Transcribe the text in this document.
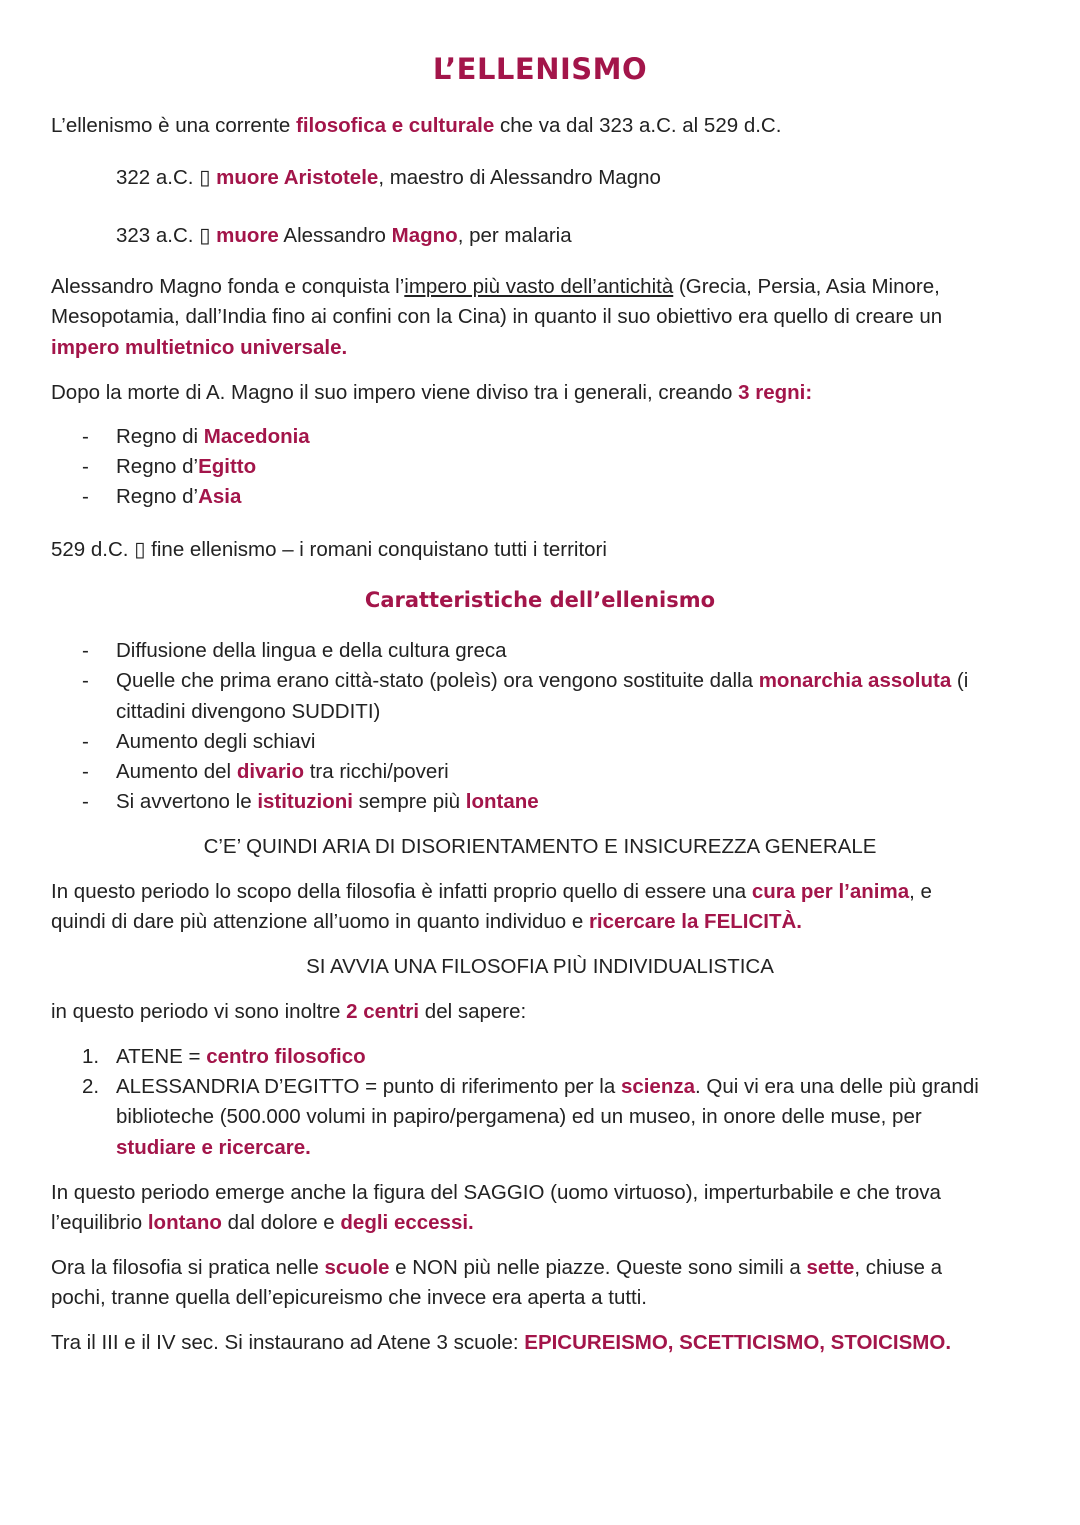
L’ELLENISMO
L’ellenismo è una corrente filosofica e culturale che va dal 323 a.C. al 529 d.C.
322 a.C. ▯ muore Aristotele, maestro di Alessandro Magno
323 a.C. ▯ muore Alessandro Magno, per malaria
Alessandro Magno fonda e conquista l’impero più vasto dell’antichità (Grecia, Persia, Asia Minore,
Mesopotamia, dall’India fino ai confini con la Cina) in quanto il suo obiettivo era quello di creare un
impero multietnico universale.
Dopo la morte di A. Magno il suo impero viene diviso tra i generali, creando 3 regni:
- Regno di Macedonia
- Regno d’Egitto
- Regno d’Asia
529 d.C. ▯ fine ellenismo – i romani conquistano tutti i territori
Caratteristiche dell’ellenismo
- Diffusione della lingua e della cultura greca
- Quelle che prima erano città-stato (poleìs) ora vengono sostituite dalla monarchia assoluta (i
cittadini divengono SUDDITI)
- Aumento degli schiavi
- Aumento del divario tra ricchi/poveri
- Si avvertono le istituzioni sempre più lontane
C’E’ QUINDI ARIA DI DISORIENTAMENTO E INSICUREZZA GENERALE
In questo periodo lo scopo della filosofia è infatti proprio quello di essere una cura per l’anima, e
quindi di dare più attenzione all’uomo in quanto individuo e ricercare la FELICITÀ.
SI AVVIA UNA FILOSOFIA PIÙ INDIVIDUALISTICA
in questo periodo vi sono inoltre 2 centri del sapere:
1. ATENE = centro filosofico
2. ALESSANDRIA D’EGITTO = punto di riferimento per la scienza. Qui vi era una delle più grandi
biblioteche (500.000 volumi in papiro/pergamena) ed un museo, in onore delle muse, per
studiare e ricercare.
In questo periodo emerge anche la figura del SAGGIO (uomo virtuoso), imperturbabile e che trova
l’equilibrio lontano dal dolore e degli eccessi.
Ora la filosofia si pratica nelle scuole e NON più nelle piazze. Queste sono simili a sette, chiuse a
pochi, tranne quella dell’epicureismo che invece era aperta a tutti.
Tra il III e il IV sec. Si instaurano ad Atene 3 scuole: EPICUREISMO, SCETTICISMO, STOICISMO.
